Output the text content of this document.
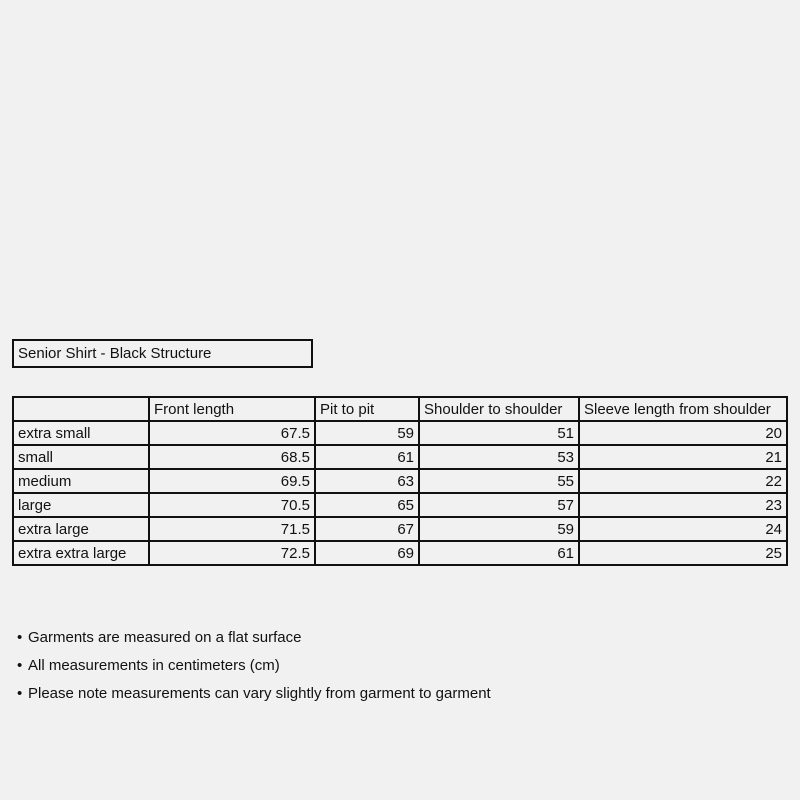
Senior Shirt - Black Structure
	Front length	Pit to pit	Shoulder to shoulder	Sleeve length from shoulder
extra small	67.5	59	51	20
small	68.5	61	53	21
medium	69.5	63	55	22
large	70.5	65	57	23
extra large	71.5	67	59	24
extra extra large	72.5	69	61	25
• Garments are measured on a flat surface
• All measurements in centimeters (cm)
• Please note measurements can vary slightly from garment to garment
